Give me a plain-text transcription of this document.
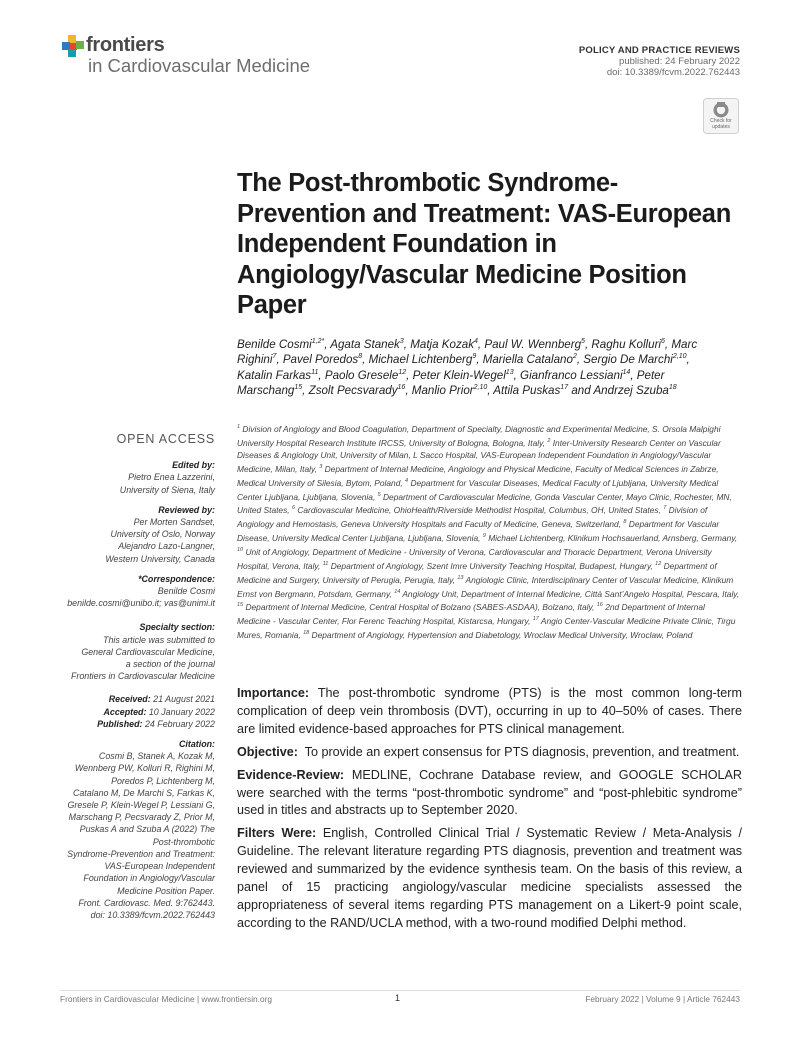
frontiers
in Cardiovascular Medicine
POLICY AND PRACTICE REVIEWS
published: 24 February 2022
doi: 10.3389/fcvm.2022.762443
Check for updates
The Post-thrombotic Syndrome-Prevention and Treatment: VAS-European Independent Foundation in Angiology/Vascular Medicine Position Paper
Benilde Cosmi$^{1,2*}$, Agata Stanek$^3$, Matja Kozak$^4$, Paul W. Wennberg$^5$, Raghu Kolluri$^6$, Marc Righini$^7$, Pavel Poredos$^8$, Michael Lichtenberg$^9$, Mariella Catalano$^2$, Sergio De Marchi$^{2,10}$, Katalin Farkas$^{11}$, Paolo Gresele$^{12}$, Peter Klein-Wegel$^{13}$, Gianfranco Lessiani$^{14}$, Peter Marschang$^{15}$, Zsolt Pecsvarady$^{16}$, Manlio Prior$^{2,10}$, Attila Puskas$^{17}$ and Andrzej Szuba$^{18}$
OPEN ACCESS
Edited by:
Pietro Enea Lazzerini,
University of Siena, Italy
Reviewed by:
Per Morten Sandset,
University of Oslo, Norway
Alejandro Lazo-Langner,
Western University, Canada
*Correspondence:
Benilde Cosmi
benilde.cosmi@unibo.it; vas@unimi.it
Specialty section:
This article was submitted to
General Cardiovascular Medicine,
a section of the journal
Frontiers in Cardiovascular Medicine
Received: 21 August 2021
Accepted: 10 January 2022
Published: 24 February 2022
Citation:
Cosmi B, Stanek A, Kozak M,
Wennberg PW, Kolluri R, Righini M,
Poredos P, Lichtenberg M,
Catalano M, De Marchi S, Farkas K,
Gresele P, Klein-Wegel P, Lessiani G,
Marschang P, Pecsvarady Z, Prior M,
Puskas A and Szuba A (2022) The
Post-thrombotic
Syndrome-Prevention and Treatment:
VAS-European Independent
Foundation in Angiology/Vascular
Medicine Position Paper.
Front. Cardiovasc. Med. 9:762443.
doi: 10.3389/fcvm.2022.762443
$^1$ Division of Angiology and Blood Coagulation, Department of Specialty, Diagnostic and Experimental Medicine, S. Orsola Malpighi University Hospital Research Institute IRCSS, University of Bologna, Bologna, Italy, $^2$ Inter-University Research Center on Vascular Diseases & Angiology Unit, University of Milan, L Sacco Hospital, VAS-European Independent Foundation in Angiology/Vascular Medicine, Milan, Italy, $^3$ Department of Internal Medicine, Angiology and Physical Medicine, Faculty of Medical Sciences in Zabrze, Medical University of Silesia, Bytom, Poland, $^4$ Department for Vascular Diseases, Medical Faculty of Ljubljana, University Medical Center Ljubljana, Ljubljana, Slovenia, $^5$ Department of Cardiovascular Medicine, Gonda Vascular Center, Mayo Clinic, Rochester, MN, United States, $^6$ Cardiovascular Medicine, OhioHealth/Riverside Methodist Hospital, Columbus, OH, United States, $^7$ Division of Angiology and Hemostasis, Geneva University Hospitals and Faculty of Medicine, Geneva, Switzerland, $^8$ Department for Vascular Disease, University Medical Center Ljubljana, Ljubljana, Slovenia, $^9$ Michael Lichtenberg, Klinikum Hochsauerland, Arnsberg, Germany, $^{10}$ Unit of Angiology, Department of Medicine - University of Verona, Cardiovascular and Thoracic Department, Verona University Hospital, Verona, Italy, $^{11}$ Department of Angiology, Szent Imre University Teaching Hospital, Budapest, Hungary, $^{12}$ Department of Medicine and Surgery, University of Perugia, Perugia, Italy, $^{13}$ Angiologic Clinic, Interdisciplinary Center of Vascular Medicine, Klinikum Ernst von Bergmann, Potsdam, Germany, $^{14}$ Angiology Unit, Department of Internal Medicine, Città Sant’Angelo Hospital, Pescara, Italy, $^{15}$ Department of Internal Medicine, Central Hospital of Bolzano (SABES-ASDAA), Bolzano, Italy, $^{16}$ 2nd Department of Internal Medicine - Vascular Center, Flor Ferenc Teaching Hospital, Kistarcsa, Hungary, $^{17}$ Angio Center-Vascular Medicine Private Clinic, Tirgu Mures, Romania, $^{18}$ Department of Angiology, Hypertension and Diabetology, Wroclaw Medical University, Wroclaw, Poland

Importance: The post-thrombotic syndrome (PTS) is the most common long-term complication of deep vein thrombosis (DVT), occurring in up to 40–50% of cases. There are limited evidence-based approaches for PTS clinical management.

Objective:  To provide an expert consensus for PTS diagnosis, prevention, and treatment.

Evidence-Review: MEDLINE, Cochrane Database review, and GOOGLE SCHOLAR were searched with the terms “post-thrombotic syndrome” and “post-phlebitic syndrome” used in titles and abstracts up to September 2020.

Filters Were: English, Controlled Clinical Trial / Systematic Review / Meta-Analysis / Guideline. The relevant literature regarding PTS diagnosis, prevention and treatment was reviewed and summarized by the evidence synthesis team. On the basis of this review, a panel of 15 practicing angiology/vascular medicine specialists assessed the appropriateness of several items regarding PTS management on a Likert-9 point scale, according to the RAND/UCLA method, with a two-round modified Delphi method.

Frontiers in Cardiovascular Medicine | www.frontiersin.org	1	February 2022 | Volume 9 | Article 762443
